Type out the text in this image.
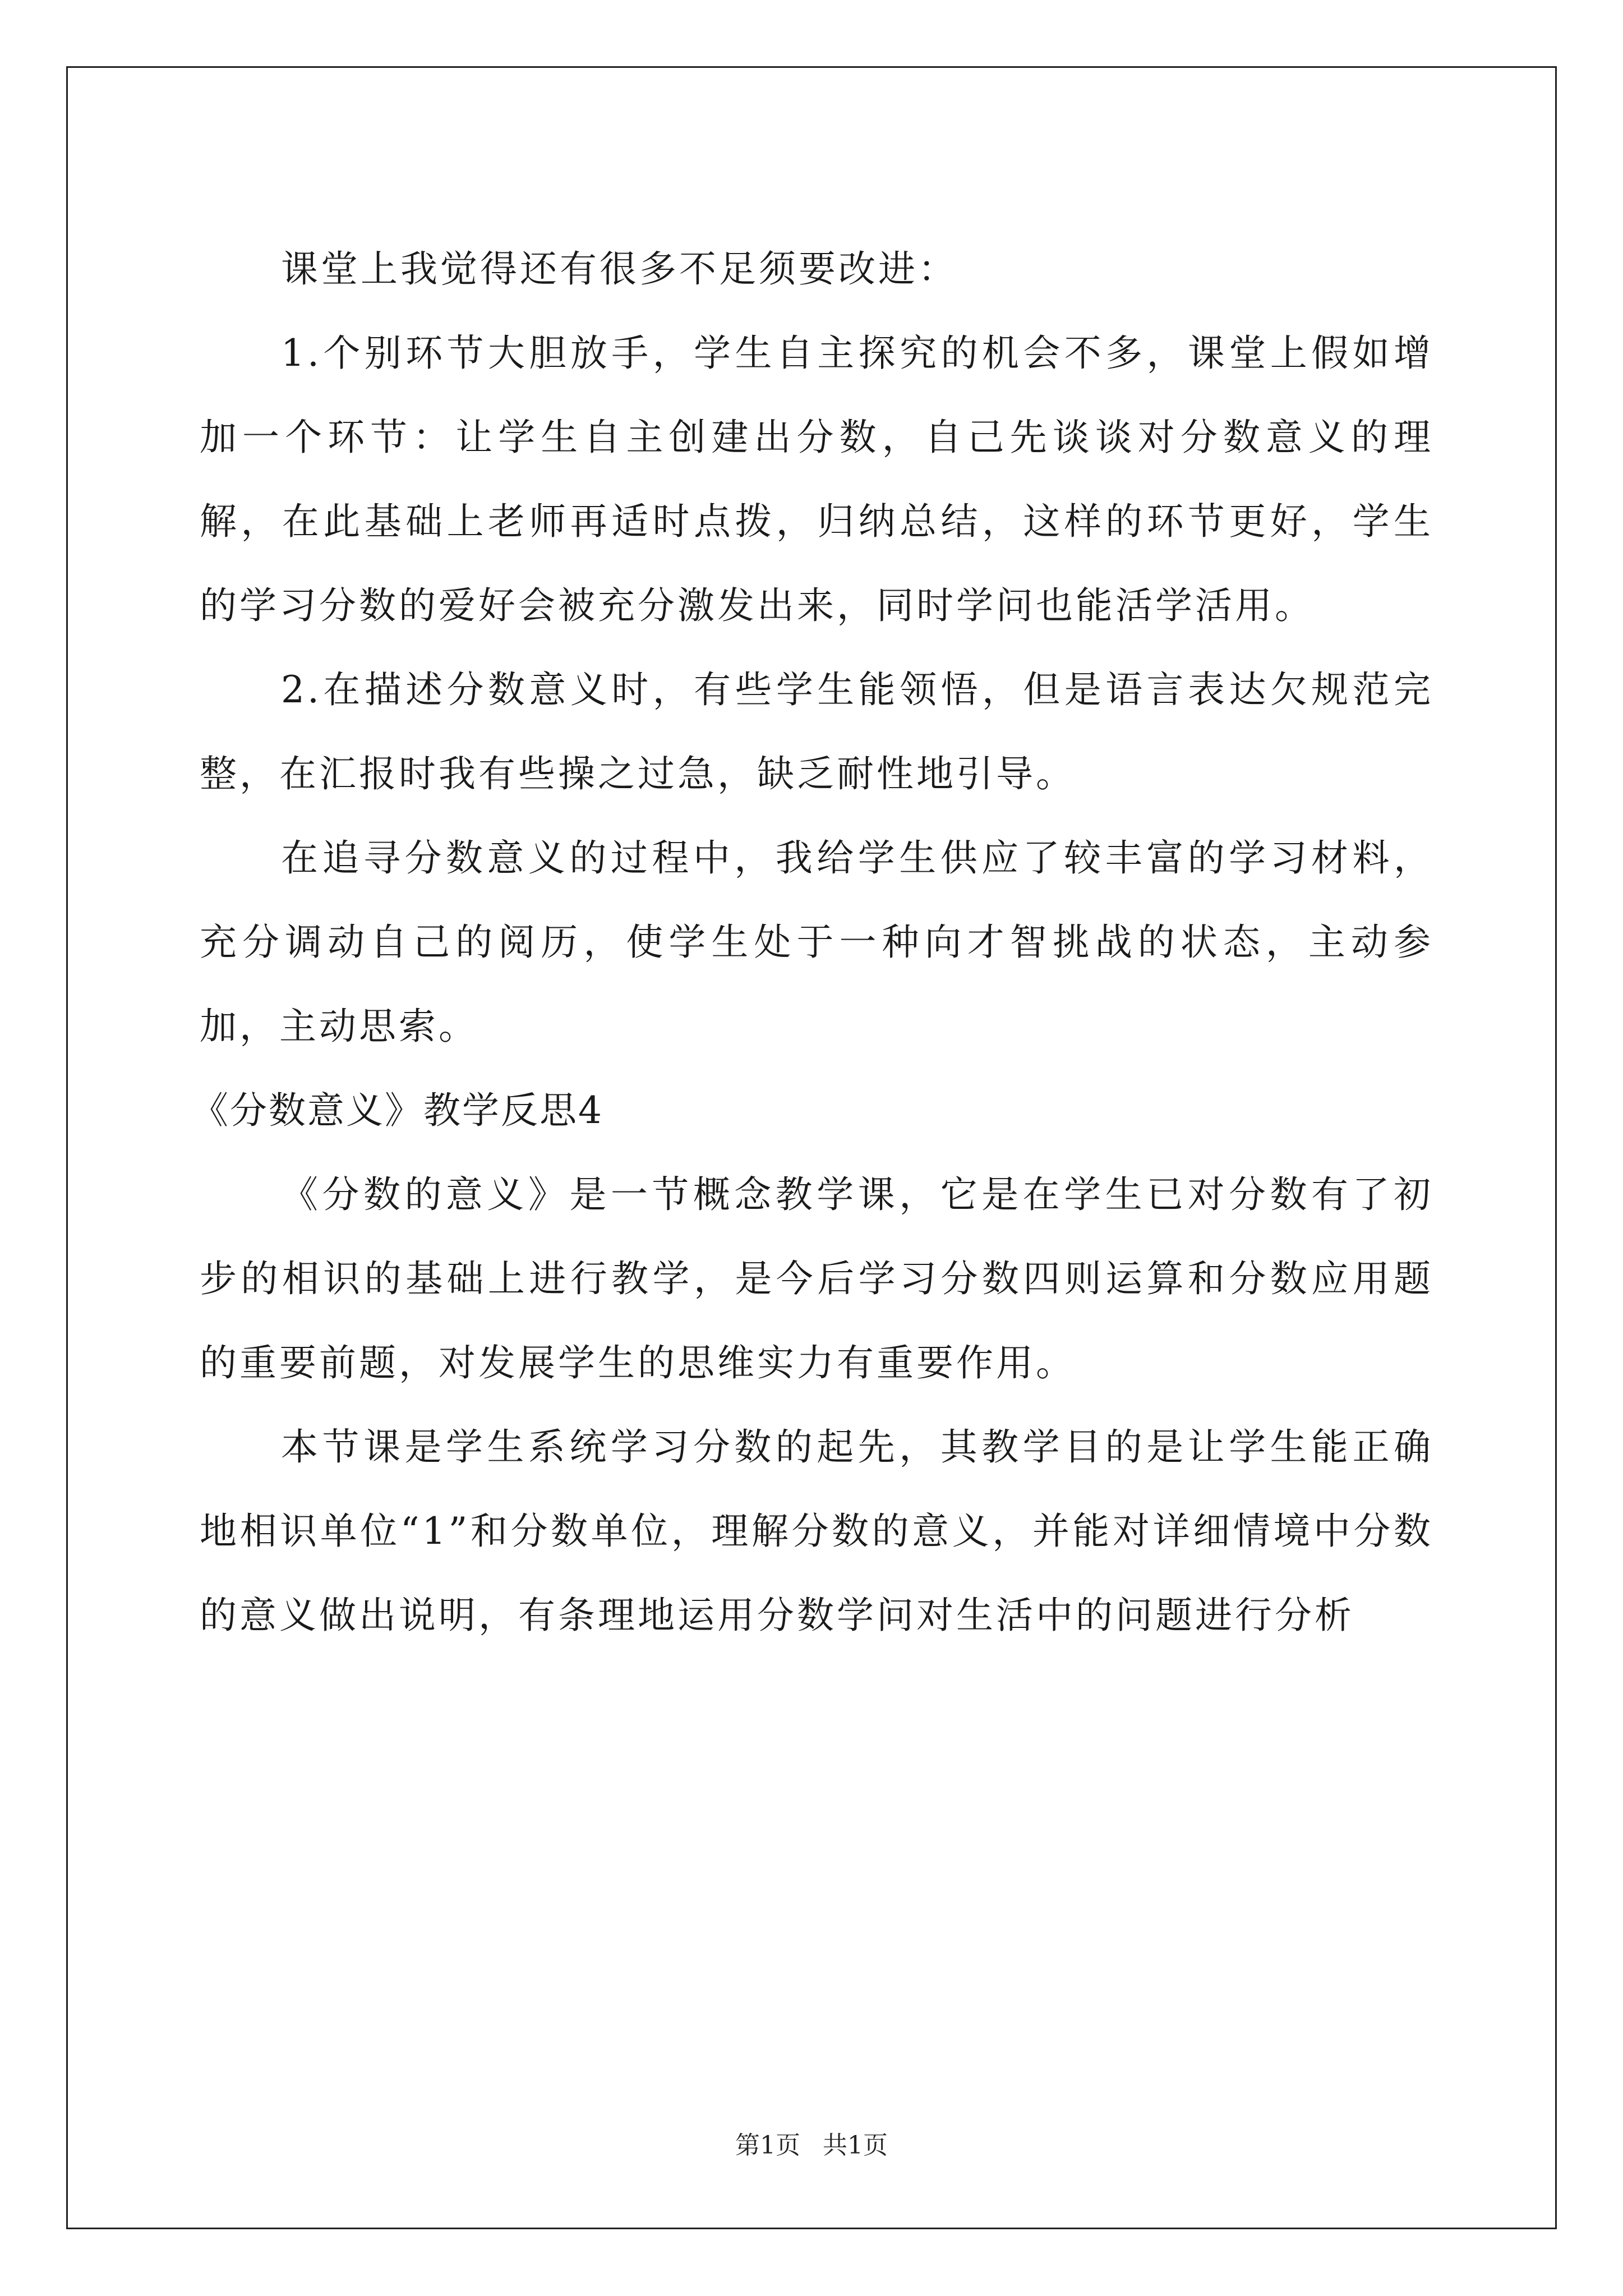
课堂上我觉得还有很多不足须要改进：

1.个别环节大胆放手，学生自主探究的机会不多，课堂上假如增加一个环节：让学生自主创建出分数，自己先谈谈对分数意义的理解，在此基础上老师再适时点拨，归纳总结，这样的环节更好，学生的学习分数的爱好会被充分激发出来，同时学问也能活学活用。

2.在描述分数意义时，有些学生能领悟，但是语言表达欠规范完整，在汇报时我有些操之过急，缺乏耐性地引导。

在追寻分数意义的过程中，我给学生供应了较丰富的学习材料，充分调动自己的阅历，使学生处于一种向才智挑战的状态，主动参加，主动思索。

《分数意义》教学反思4

《分数的意义》是一节概念教学课，它是在学生已对分数有了初步的相识的基础上进行教学，是今后学习分数四则运算和分数应用题的重要前题，对发展学生的思维实力有重要作用。

本节课是学生系统学习分数的起先，其教学目的是让学生能正确地相识单位“1”和分数单位，理解分数的意义，并能对详细情境中分数的意义做出说明，有条理地运用分数学问对生活中的问题进行分析

第1页 共1页
